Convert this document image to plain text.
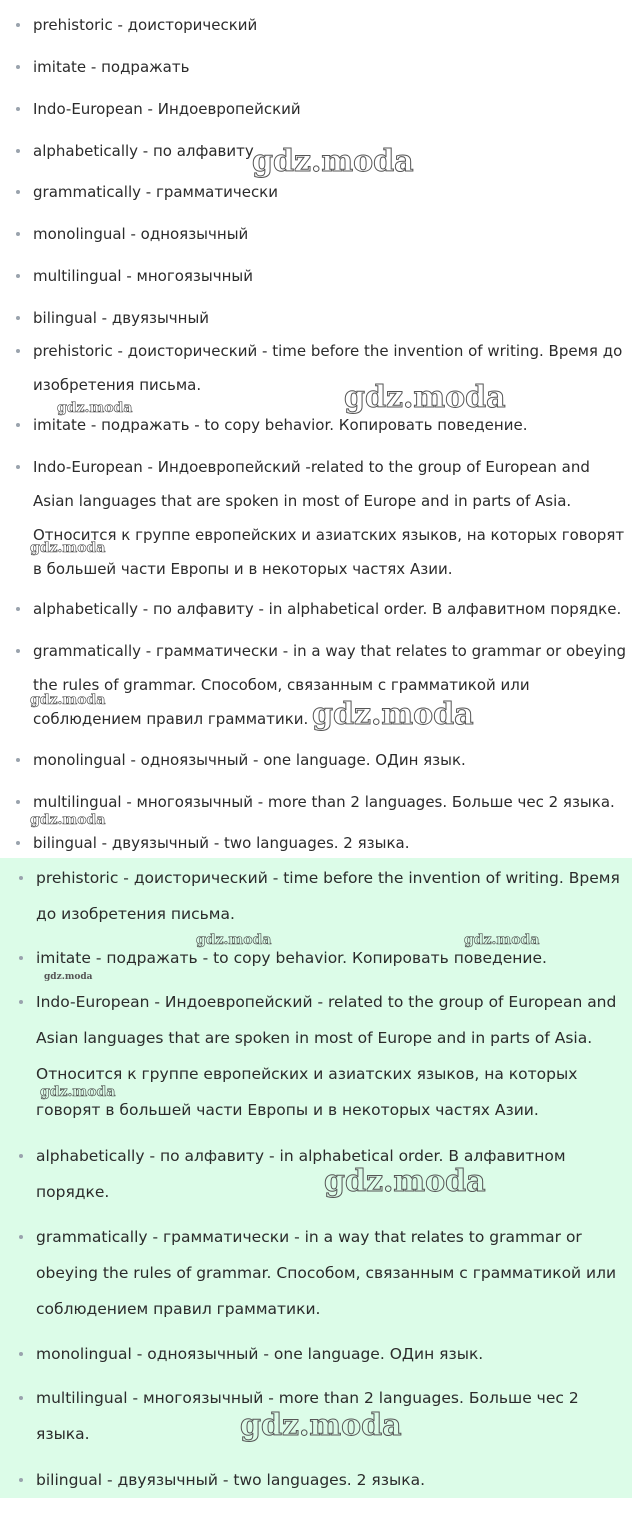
prehistoric - доисторический
imitate - подражать
Indo-European - Индоевропейский
alphabetically - по алфавиту
grammatically - грамматически
monolingual - одноязычный
multilingual - многоязычный
bilingual - двуязычный
prehistoric - доисторический - time before the invention of writing. Время до изобретения письма.
imitate - подражать - to copy behavior. Копировать поведение.
Indo-European - Индоевропейский -related to the group of European and Asian languages that are spoken in most of Europe and in parts of Asia. Относится к группе европейских и азиатских языков, на которых говорят в большей части Европы и в некоторых частях Азии.
alphabetically - по алфавиту - in alphabetical order. В алфавитном порядке.
grammatically - грамматически - in a way that relates to grammar or obeying the rules of grammar. Способом, связанным с грамматикой или соблюдением правил грамматики.
monolingual - одноязычный - one language. ОДин язык.
multilingual - многоязычный - more than 2 languages. Больше чес 2 языка.
bilingual - двуязычный - two languages. 2 языка.
prehistoric - доисторический - time before the invention of writing. Время до изобретения письма.
imitate - подражать - to copy behavior. Копировать поведение.
Indo-European - Индоевропейский - related to the group of European and Asian languages that are spoken in most of Europe and in parts of Asia. Относится к группе европейских и азиатских языков, на которых говорят в большей части Европы и в некоторых частях Азии.
alphabetically - по алфавиту - in alphabetical order. В алфавитном порядке.
grammatically - грамматически - in a way that relates to grammar or obeying the rules of grammar. Способом, связанным с грамматикой или соблюдением правил грамматики.
monolingual - одноязычный - one language. ОДин язык.
multilingual - многоязычный - more than 2 languages. Больше чес 2 языка.
bilingual - двуязычный - two languages. 2 языка.
gdz.moda
gdz.moda
gdz.moda
gdz.moda
gdz.moda	gdz.moda
gdz.moda
gdz.moda
